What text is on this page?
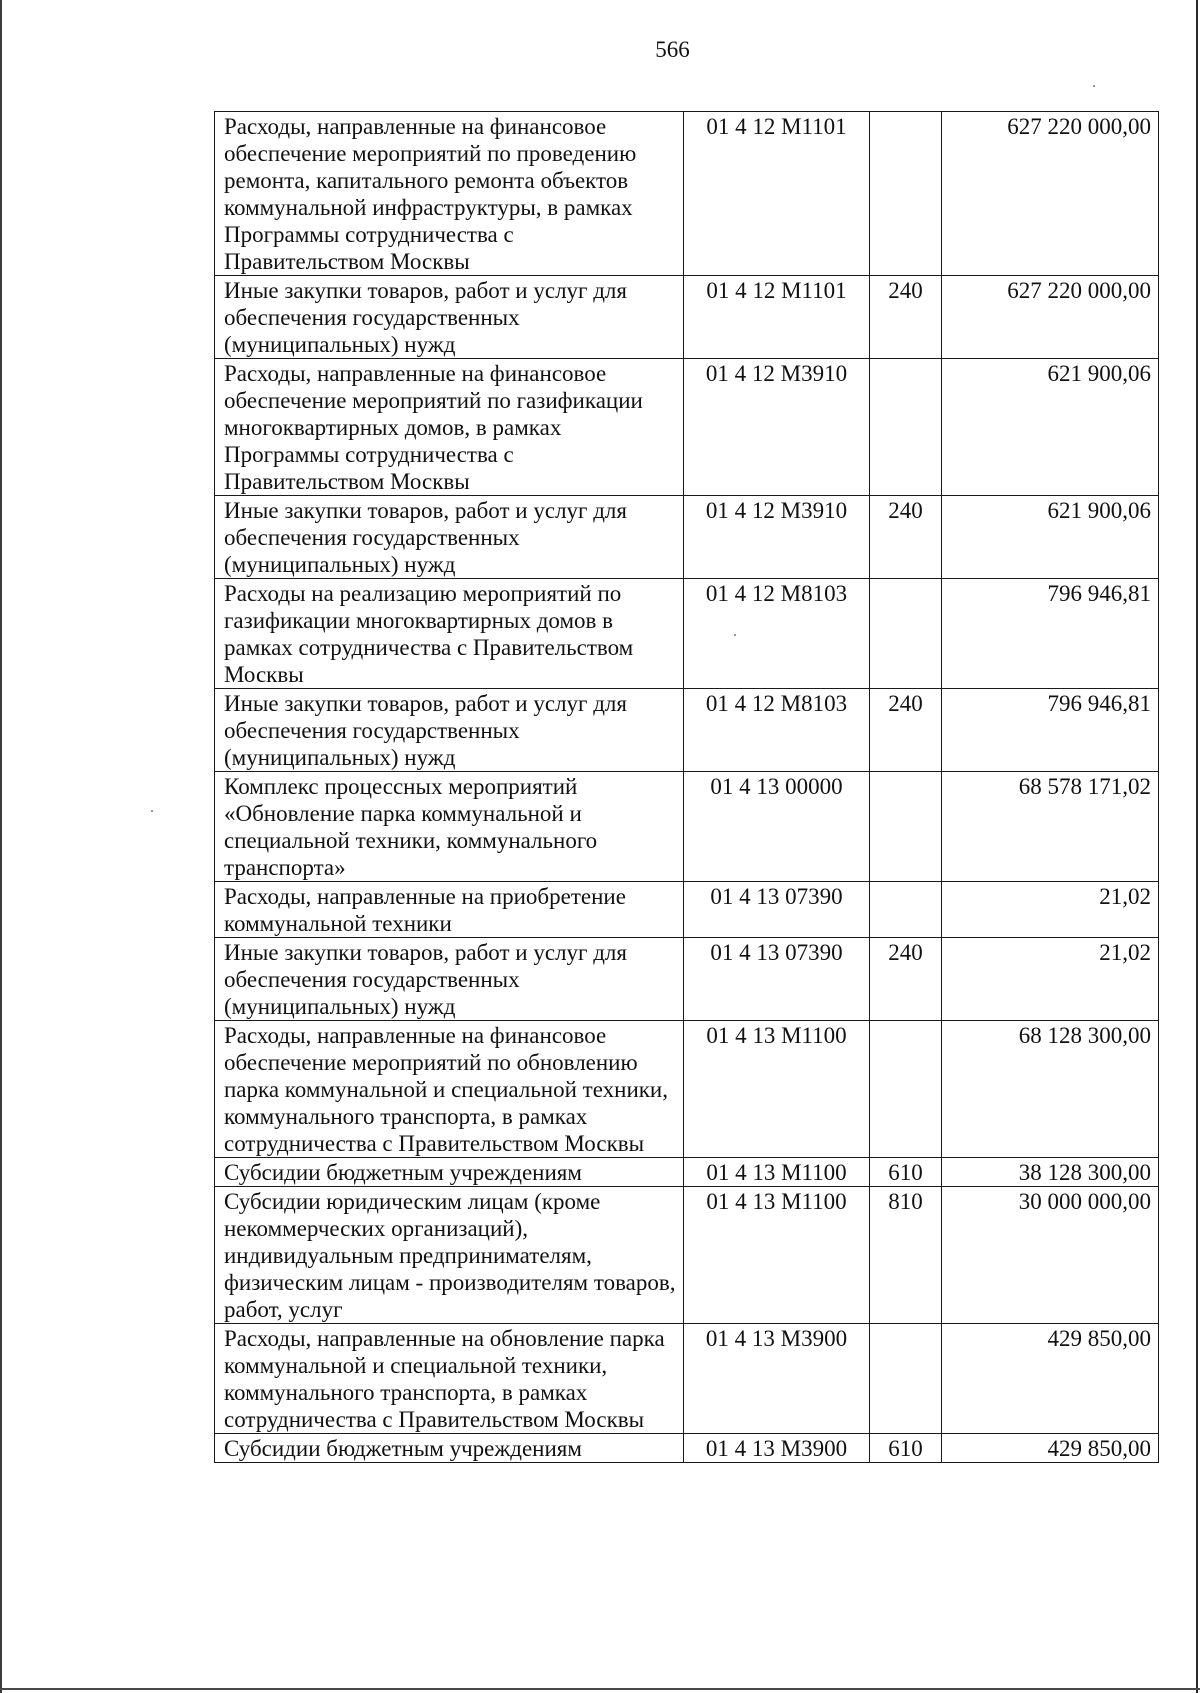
566
Расходы, направленные на финансовое обеспечение мероприятий по проведению ремонта, капитального ремонта объектов коммунальной инфраструктуры, в рамках Программы сотрудничества с Правительством Москвы	01 4 12 М1101		627 220 000,00
Иные закупки товаров, работ и услуг для обеспечения государственных (муниципальных) нужд	01 4 12 М1101	240	627 220 000,00
Расходы, направленные на финансовое обеспечение мероприятий по газификации многоквартирных домов, в рамках Программы сотрудничества с Правительством Москвы	01 4 12 М3910		621 900,06
Иные закупки товаров, работ и услуг для обеспечения государственных (муниципальных) нужд	01 4 12 М3910	240	621 900,06
Расходы на реализацию мероприятий по газификации многоквартирных домов в рамках сотрудничества с Правительством Москвы	01 4 12 М8103		796 946,81
Иные закупки товаров, работ и услуг для обеспечения государственных (муниципальных) нужд	01 4 12 М8103	240	796 946,81
Комплекс процессных мероприятий «Обновление парка коммунальной и специальной техники, коммунального транспорта»	01 4 13 00000		68 578 171,02
Расходы, направленные на приобретение коммунальной техники	01 4 13 07390		21,02
Иные закупки товаров, работ и услуг для обеспечения государственных (муниципальных) нужд	01 4 13 07390	240	21,02
Расходы, направленные на финансовое обеспечение мероприятий по обновлению парка коммунальной и специальной техники, коммунального транспорта, в рамках сотрудничества с Правительством Москвы	01 4 13 М1100		68 128 300,00
Субсидии бюджетным учреждениям	01 4 13 М1100	610	38 128 300,00
Субсидии юридическим лицам (кроме некоммерческих организаций), индивидуальным предпринимателям, физическим лицам - производителям товаров, работ, услуг	01 4 13 М1100	810	30 000 000,00
Расходы, направленные на обновление парка коммунальной и специальной техники, коммунального транспорта, в рамках сотрудничества с Правительством Москвы	01 4 13 М3900		429 850,00
Субсидии бюджетным учреждениям	01 4 13 М3900	610	429 850,00
